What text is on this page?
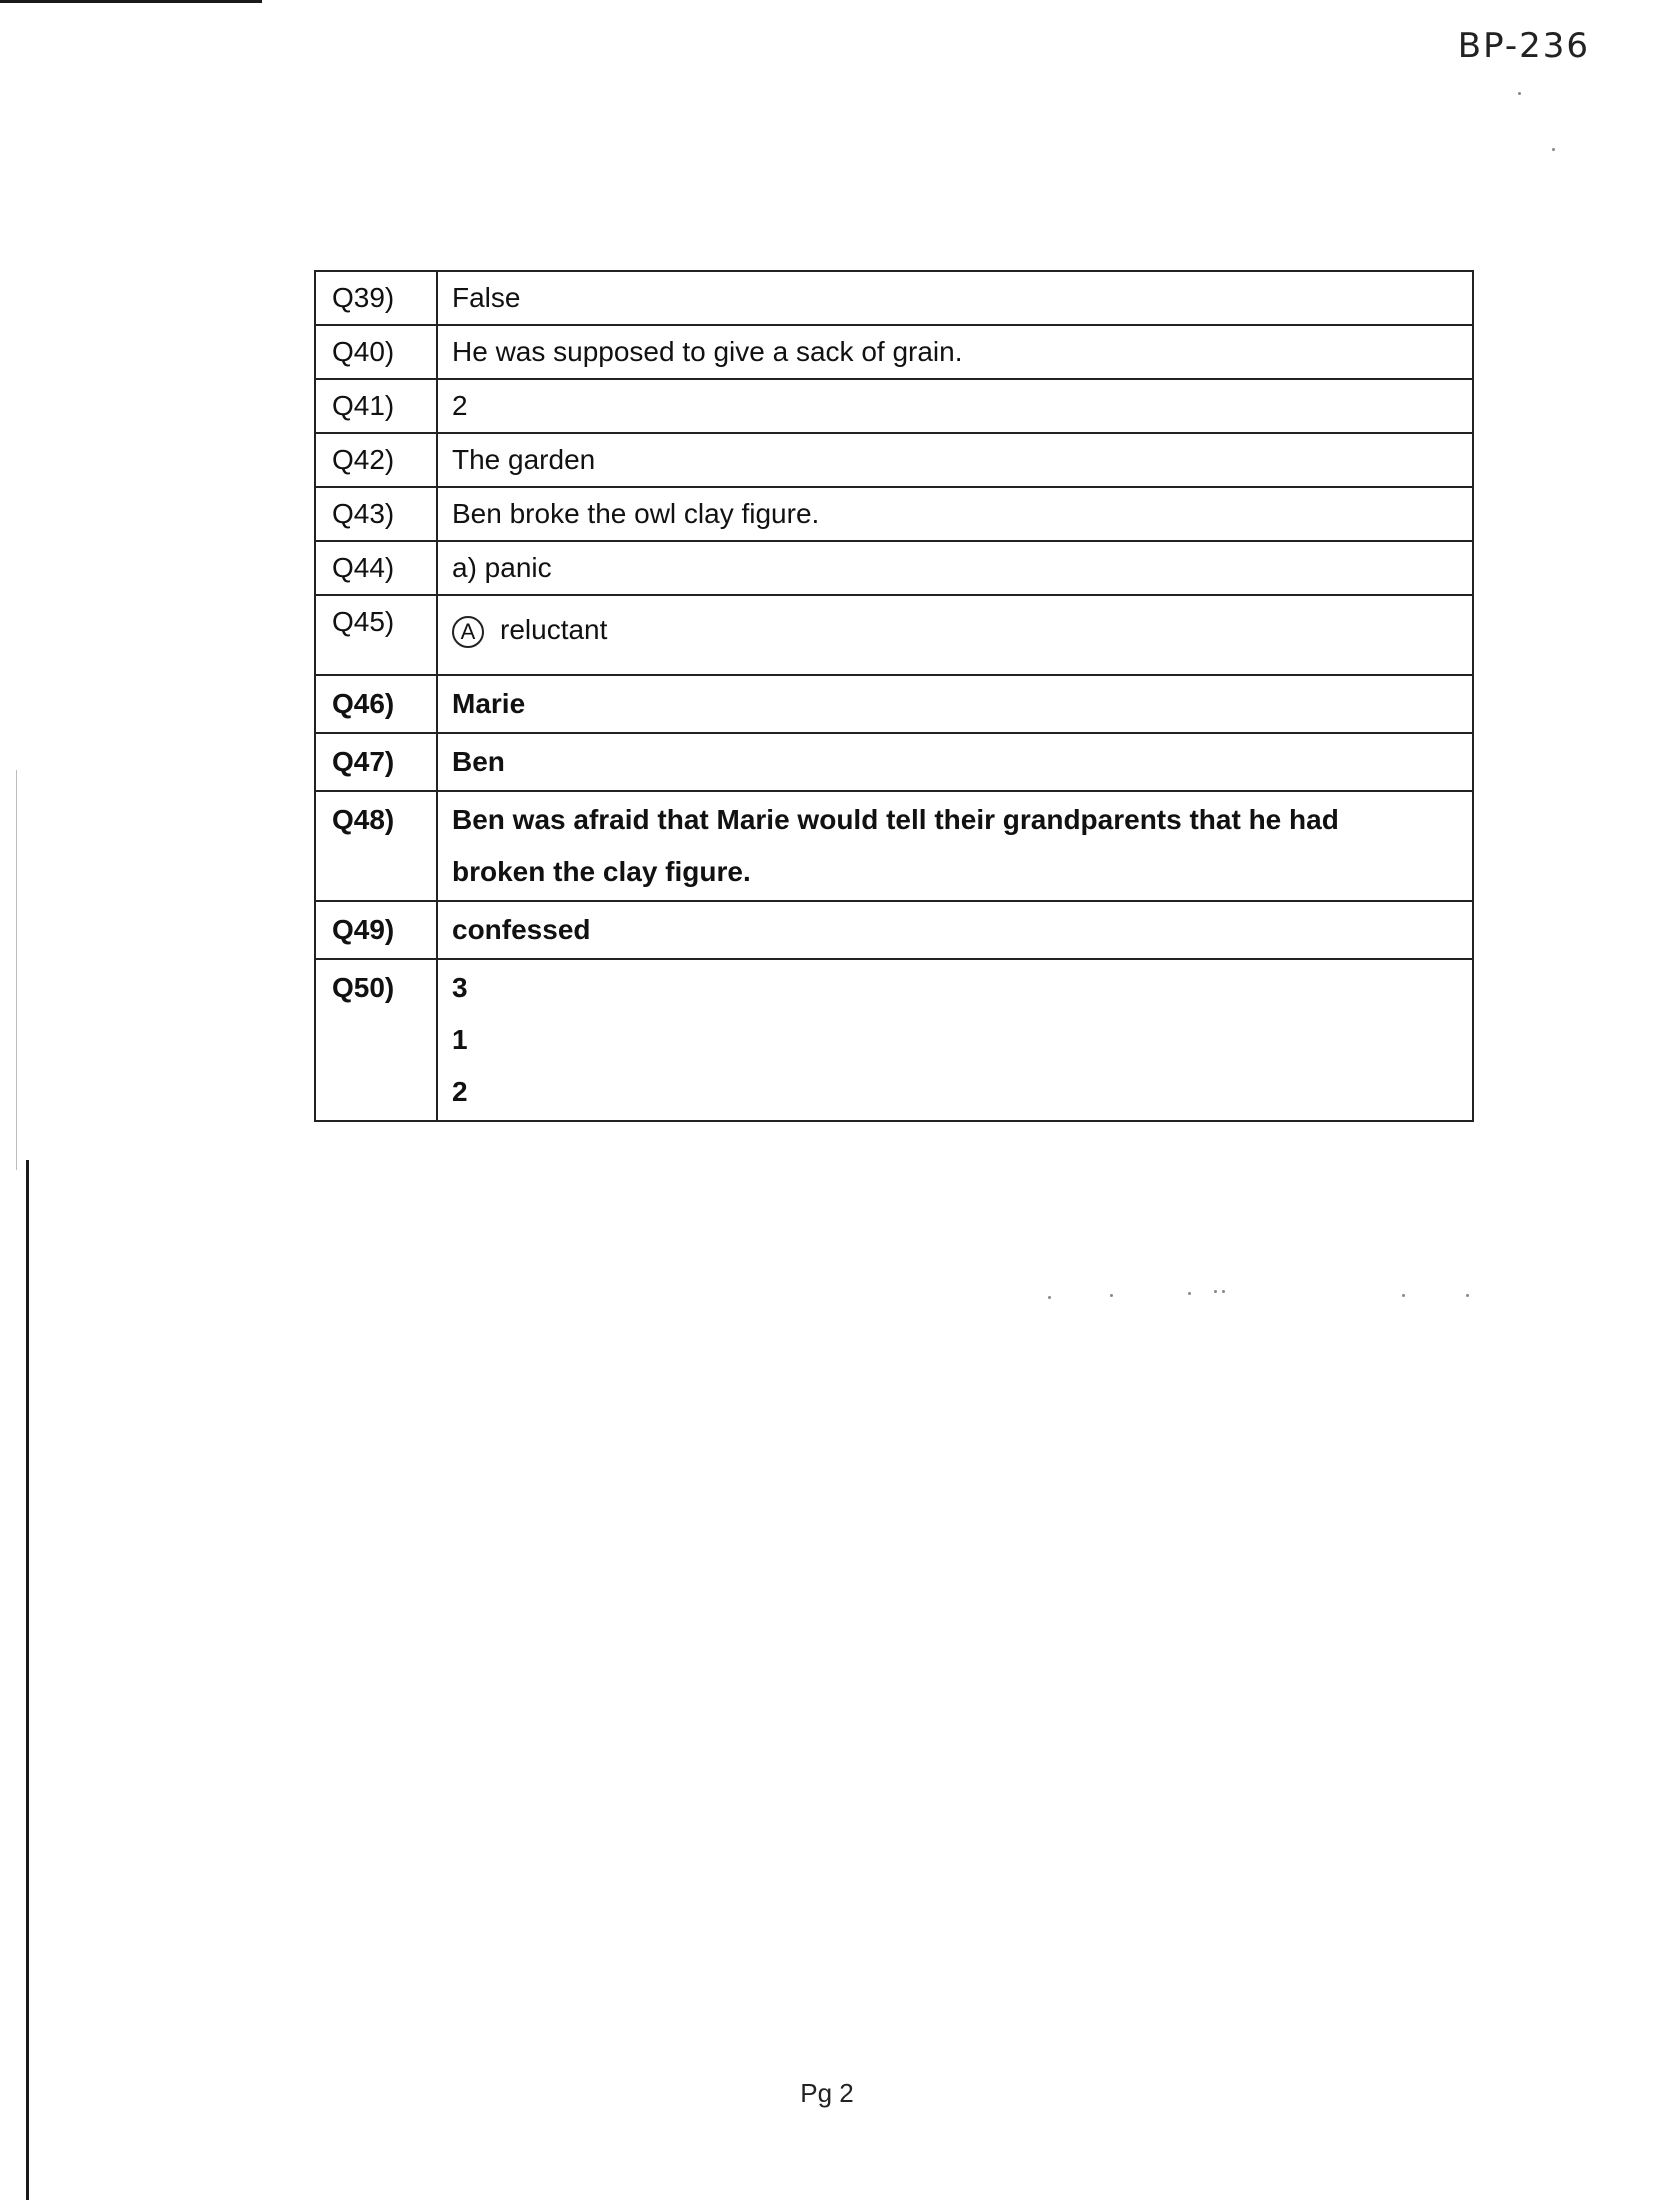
BP-236
Q39)	False

Q40)	He was supposed to give a sack of grain.

Q41)	2

Q42)	The garden

Q43)	Ben broke the owl clay figure.

Q44)	a) panic

Q45)	A reluctant

Q46)	Marie

Q47)	Ben

Q48)	Ben was afraid that Marie would tell their grandparents that he had
broken the clay figure.

Q49)	confessed

Q50)	3
1
2
Pg 2
